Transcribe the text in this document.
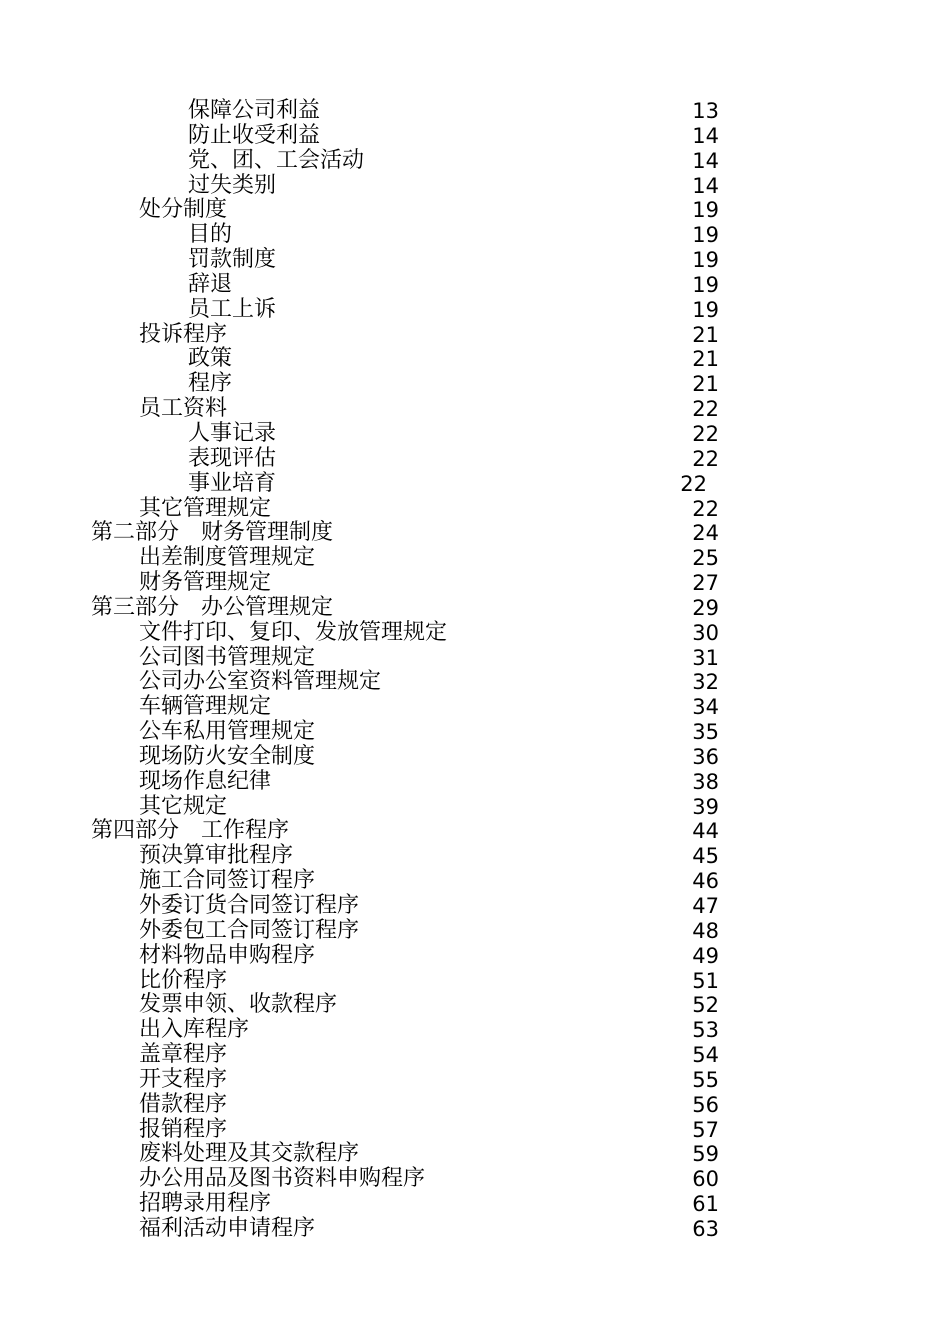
保障公司利益	13
防止收受利益	14
党、团、工会活动	14
过失类别	14
处分制度	19
目的	19
罚款制度	19
辞退	19
员工上诉	19
投诉程序	21
政策	21
程序	21
员工资料	22
人事记录	22
表现评估	22
事业培育	22
其它管理规定	22
第二部分　财务管理制度	24
出差制度管理规定	25
财务管理规定	27
第三部分　办公管理规定	29
文件打印、复印、发放管理规定	30
公司图书管理规定	31
公司办公室资料管理规定	32
车辆管理规定	34
公车私用管理规定	35
现场防火安全制度	36
现场作息纪律	38
其它规定	39
第四部分　工作程序	44
预决算审批程序	45
施工合同签订程序	46
外委订货合同签订程序	47
外委包工合同签订程序	48
材料物品申购程序	49
比价程序	51
发票申领、收款程序	52
出入库程序	53
盖章程序	54
开支程序	55
借款程序	56
报销程序	57
废料处理及其交款程序	59
办公用品及图书资料申购程序	60
招聘录用程序	61
福利活动申请程序	63
